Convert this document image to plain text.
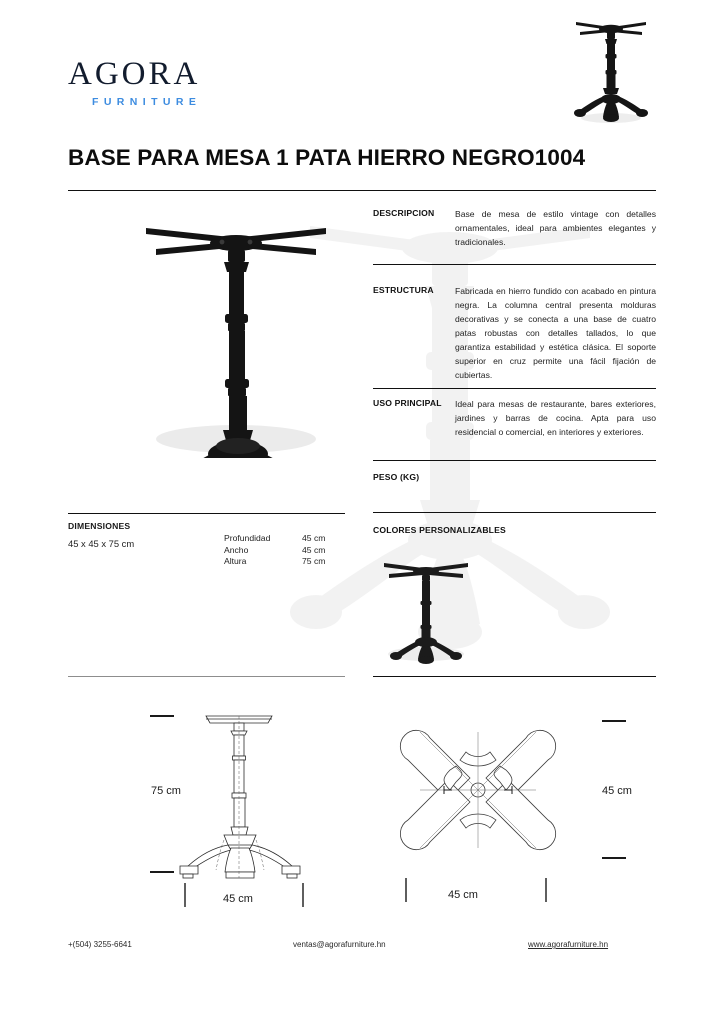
AGORA
FURNITURE
BASE PARA MESA 1 PATA HIERRO NEGRO1004
DESCRIPCION	Base de mesa de estilo vintage con detalles ornamentales, ideal para ambientes elegantes y tradicionales.
ESTRUCTURA	Fabricada en hierro fundido con acabado en pintura negra. La columna central presenta molduras decorativas y se conecta a una base de cuatro patas robustas con detalles tallados, lo que garantiza estabilidad y estética clásica. El soporte superior en cruz permite una fácil fijación de cubiertas.
USO PRINCIPAL	Ideal para mesas de restaurante, bares exteriores, jardines y barras de cocina. Apta para uso residencial o comercial, en interiores y exteriores.
PESO (KG)
COLORES PERSONALIZABLES
DIMENSIONES
45 x 45 x 75 cm	Profundidad	45 cm
Ancho	45 cm
Altura	75 cm
75 cm
45 cm
45 cm
45 cm
+(504) 3255-6641	ventas@agorafurniture.hn	www.agorafurniture.hn
